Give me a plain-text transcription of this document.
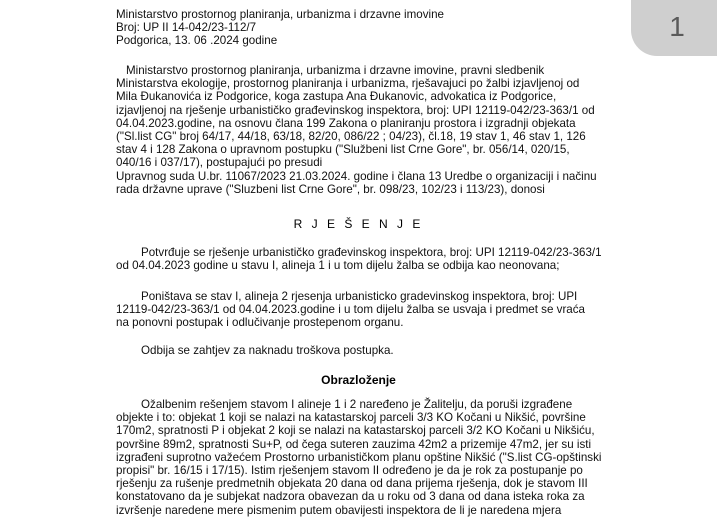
1
Ministarstvo prostornog planiranja, urbanizma i drzavne imovine
Broj: UP II 14-042/23-112/7
Podgorica, 13. 06 .2024 godine
Ministarstvo prostornog planiranja, urbanizma i drzavne imovine, pravni sledbenik
Ministarstva ekologije, prostornog planiranja i urbanizma, rješavajuci po žalbi izjavljenoj od
Mila Đukanovića iz Podgorice, koga zastupa Ana Đukanovic, advokatica iz Podgorice,
izjavljenoj na rješenje urbanističko građevinskog inspektora, broj: UPI 12119-042/23-363/1 od
04.04.2023.godine, na osnovu člana 199 Zakona o planiranju prostora i izgradnji objekata
("Sl.list CG" broj 64/17, 44/18, 63/18, 82/20, 086/22 ; 04/23), čl.18, 19 stav 1, 46 stav 1, 126
stav 4 i 128 Zakona o upravnom postupku ("Službeni list Crne Gore", br. 056/14, 020/15,
040/16 i 037/17), postupajući po presudi
Upravnog suda U.br. 11067/2023 21.03.2024. godine i člana 13 Uredbe o organizaciji i načinu
rada državne uprave ("Sluzbeni list Crne Gore", br. 098/23, 102/23 i 113/23), donosi
R J E Š E N J E
Potvrđuje se rješenje urbanističko građevinskog inspektora, broj: UPI 12119-042/23-363/1
od 04.04.2023 godine u stavu I, alineja 1 i u tom dijelu žalba se odbija kao neonovana;
Poništava se stav I, alineja 2 rjesenja urbanisticko gradevinskog inspektora, broj: UPI
12119-042/23-363/1 od 04.04.2023.godine i u tom dijelu žalba se usvaja i predmet se vraća
na ponovni postupak i odlučivanje prostepenom organu.
Odbija se zahtjev za naknadu troškova postupka.
Obrazloženje
Ožalbenim rešenjem stavom I alineje 1 i 2 naređeno je Žalitelju, da poruši izgrađene
objekte i to: objekat 1 koji se nalazi na katastarskoj parceli 3/3 KO Kočani u Nikšić, površine
170m2, spratnosti P i objekat 2 koji se nalazi na katastarskoj parceli 3/2 KO Kočani u Nikšiću,
površine 89m2, spratnosti Su+P, od čega suteren zauzima 42m2 a prizemije 47m2, jer su isti
izgrađeni suprotno važećem Prostorno urbanističkom planu opštine Nikšić ("S.list CG-opštinski
propisi" br. 16/15 i 17/15). Istim rješenjem stavom II određeno je da je rok za postupanje po
rješenju za rušenje predmetnih objekata 20 dana od dana prijema rješenja, dok je stavom III
konstatovano da je subjekat nadzora obavezan da u roku od 3 dana od dana isteka roka za
izvršenje naredene mere pismenim putem obavijesti inspektora de li je naredena mjera
